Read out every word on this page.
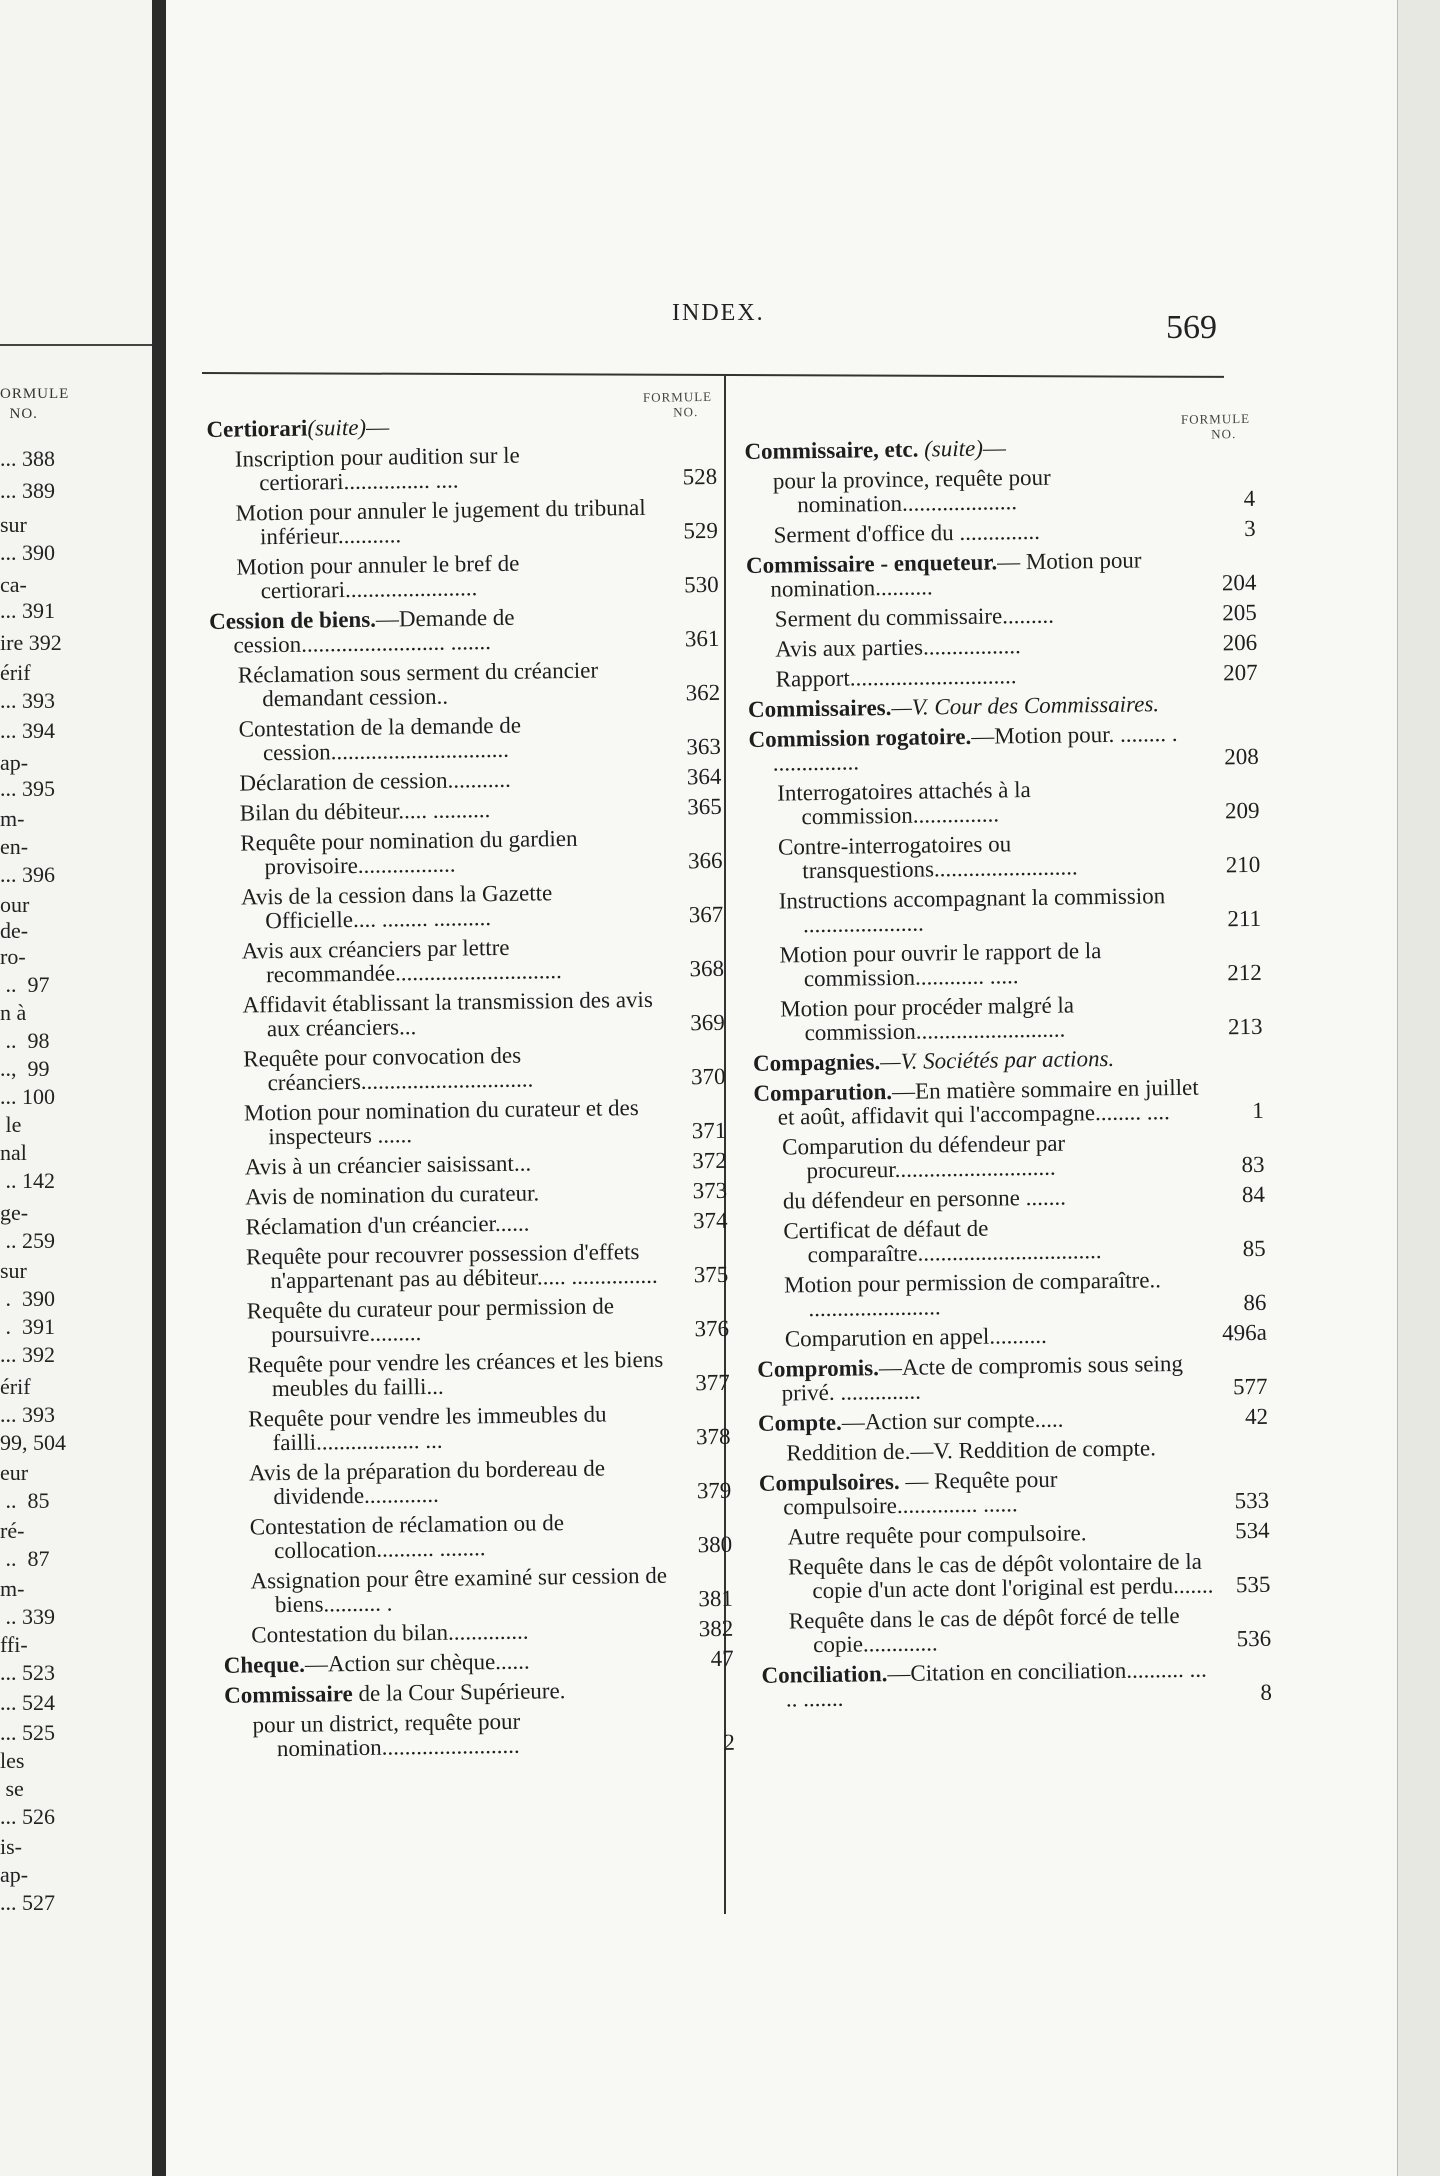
ORMULE
NO.
... 388
... 389
sur
... 390
ca-
... 391
ire 392
érif
... 393
... 394
ap-
... 395
m-
en-
... 396
our
de-
ro-
..  97
n à
..  98
..,  99
... 100
le
nal
.. 142
ge-
.. 259
sur
.  390
.  391
... 392
érif
... 393
99, 504
eur
..  85
ré-
..  87
m-
.. 339
ffi-
... 523
... 524
... 525
les
se
... 526
is-
ap-
... 527
INDEX.	569
FORMULE
NO.
Certiorari(suite)—
Inscription pour audition sur le certiorari............... ....	528
Motion pour annuler le jugement du tribunal inférieur...........	529
Motion pour annuler le bref de certiorari.......................	530
Cession de biens.—Demande de cession......................... .......	361
Réclamation sous serment du créancier demandant cession..	362
Contestation de la demande de cession...............................	363
Déclaration de cession...........	364
Bilan du débiteur..... ..........	365
Requête pour nomination du gardien provisoire.................	366
Avis de la cession dans la Gazette Officielle.... ........ ..........	367
Avis aux créanciers par lettre recommandée.............................	368
Affidavit établissant la transmission des avis aux créanciers...	369
Requête pour convocation des créanciers..............................	370
Motion pour nomination du curateur et des inspecteurs ......	371
Avis à un créancier saisissant...	372
Avis de nomination du curateur.	373
Réclamation d'un créancier......	374
Requête pour recouvrer possession d'effets n'appartenant pas au débiteur..... ...............	375
Requête du curateur pour permission de poursuivre.........	376
Requête pour vendre les créances et les biens meubles du failli...	377
Requête pour vendre les immeubles du failli.................. ...	378
Avis de la préparation du bordereau de dividende.............	379
Contestation de réclamation ou de collocation.......... ........	380
Assignation pour être examiné sur cession de biens.......... .	381
Contestation du bilan..............	382
Cheque.—Action sur chèque......	47
Commissaire de la Cour Supérieure.
pour un district, requête pour nomination........................	2
FORMULE
NO.
Commissaire, etc. (suite)—
pour la province, requête pour nomination....................	4
Serment d'office du ..............	3
Commissaire - enqueteur.— Motion pour nomination..........	204
Serment du commissaire.........	205
Avis aux parties.................	206
Rapport.............................	207
Commissaires.—V. Cour des Commissaires.
Commission rogatoire.—Motion pour. ........ . ...............	208
Interrogatoires attachés à la commission...............	209
Contre-interrogatoires ou transquestions.........................	210
Instructions accompagnant la commission .....................	211
Motion pour ouvrir le rapport de la commission............ .....	212
Motion pour procéder malgré la commission..........................	213
Compagnies.—V. Sociétés par actions.
Comparution.—En matière sommaire en juillet et août, affidavit qui l'accompagne........ ....	1
Comparution du défendeur par procureur............................	83
du défendeur en personne .......	84
Certificat de défaut de comparaître................................	85
Motion pour permission de comparaître.. .......................	86
Comparution en appel..........	496a
Compromis.—Acte de compromis sous seing privé. ..............	577
Compte.—Action sur compte.....	42
Reddition de.—V. Reddition de compte.
Compulsoires. — Requête pour compulsoire.............. ......	533
Autre requête pour compulsoire.	534
Requête dans le cas de dépôt volontaire de la copie d'un acte dont l'original est perdu....... 535
Requête dans le cas de dépôt forcé de telle copie.............	536
Conciliation.—Citation en conciliation.......... ... .. .......	8
